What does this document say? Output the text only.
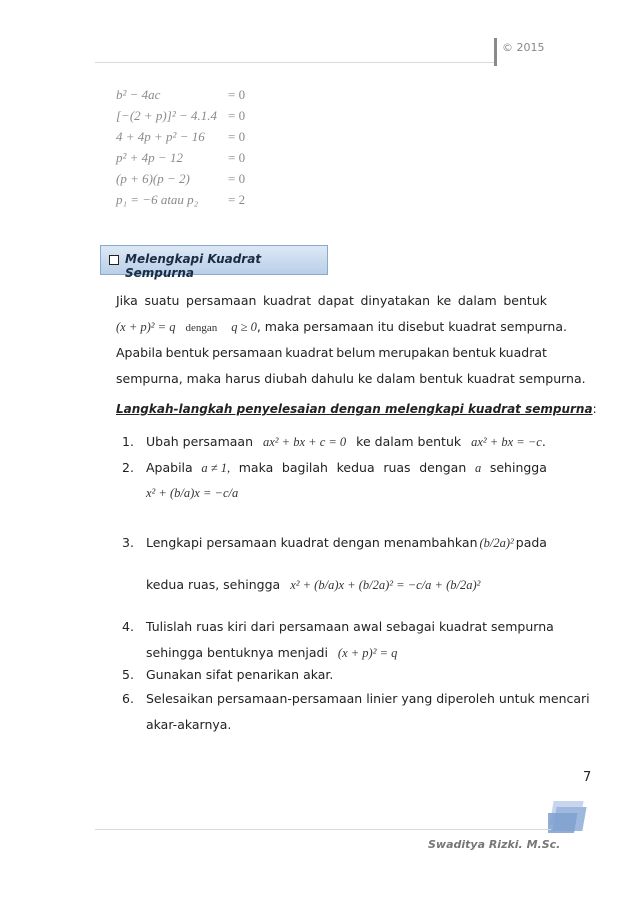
© 2015
b² − 4ac	= 0
[−(2 + p)]² − 4.1.4 = 0
4 + 4p + p² − 16 = 0
p² + 4p − 12	= 0
(p + 6)(p − 2)	= 0
p₁ = −6 atau p₂ = 2
Melengkapi Kuadrat Sempurna
Jika suatu persamaan kuadrat dapat dinyatakan ke dalam bentuk
(x + p)² = q dengan q ≥ 0, maka persamaan itu disebut kuadrat sempurna.
Apabila bentuk persamaan kuadrat belum merupakan bentuk kuadrat
sempurna, maka harus diubah dahulu ke dalam bentuk kuadrat sempurna.
Langkah-langkah penyelesaian dengan melengkapi kuadrat sempurna:
1. Ubah persamaan ax² + bx + c = 0 ke dalam bentuk ax² + bx = −c.
2. Apabila a ≠ 1, maka bagilah kedua ruas dengan a sehingga
x² + (b/a)x = −c/a
3. Lengkapi persamaan kuadrat dengan menambahkan (b/2a)² pada
kedua ruas, sehingga x² + (b/a)x + (b/2a)² = −c/a + (b/2a)²
4. Tulislah ruas kiri dari persamaan awal sebagai kuadrat sempurna
sehingga bentuknya menjadi (x + p)² = q
5. Gunakan sifat penarikan akar.
6. Selesaikan persamaan-persamaan linier yang diperoleh untuk mencari
akar-akarnya.
7
Swaditya Rizki. M.Sc.
